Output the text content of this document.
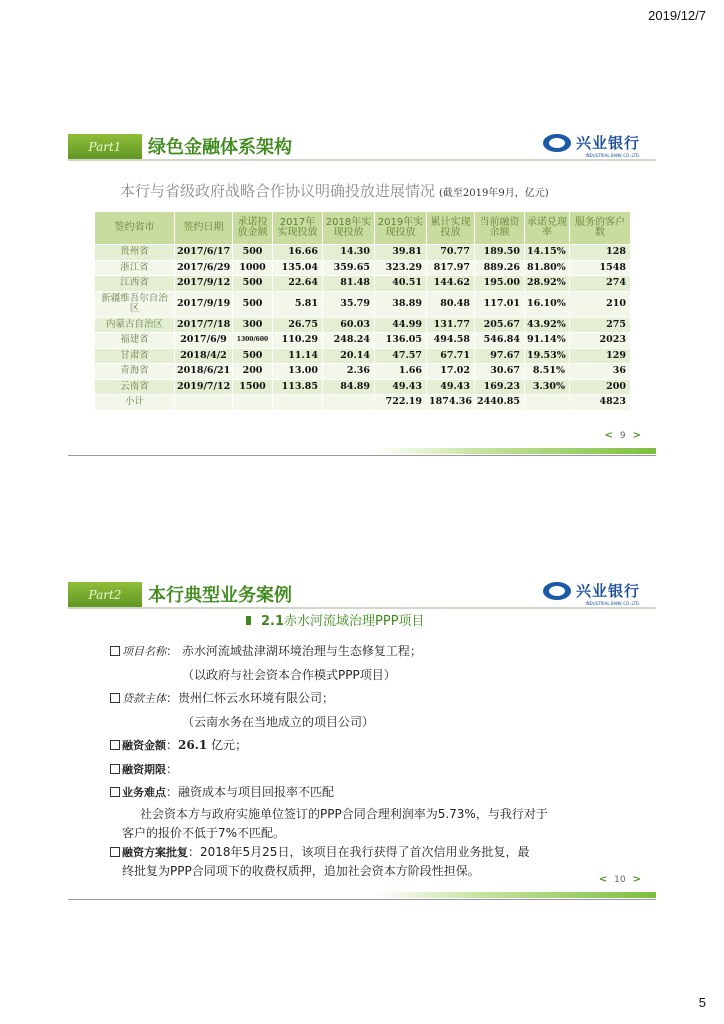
2019/12/7
Part1	绿色金融体系架构	兴业银行
INDUSTRIAL BANK CO.,LTD.
本行与省级政府战略合作协议明确投放进展情况 (截至2019年9月，亿元)
签约省市	签约日期	承诺投放金额	2017年实现投放	2018年实现投放	2019年实现投放	累计实现投放	当前融资余额	承诺兑现率	服务的客户数
贵州省	2017/6/17	500	16.66	14.30	39.81	70.77	189.50	14.15%	128
浙江省	2017/6/29	1000	135.04	359.65	323.29	817.97	889.26	81.80%	1548
江西省	2017/9/12	500	22.64	81.48	40.51	144.62	195.00	28.92%	274
新疆维吾尔自治区	2017/9/19	500	5.81	35.79	38.89	80.48	117.01	16.10%	210
内蒙古自治区	2017/7/18	300	26.75	60.03	44.99	131.77	205.67	43.92%	275
福建省	2017/6/9	1300/600	110.29	248.24	136.05	494.58	546.84	91.14%	2023
甘肃省	2018/4/2	500	11.14	20.14	47.57	67.71	97.67	19.53%	129
青海省	2018/6/21	200	13.00	2.36	1.66	17.02	30.67	8.51%	36
云南省	2019/7/12	1500	113.85	84.89	49.43	49.43	169.23	3.30%	200
小计					722.19	1874.36	2440.85		4823
< 9 >
Part2	本行典型业务案例	兴业银行
INDUSTRIAL BANK CO.,LTD.
2.1赤水河流域治理PPP项目
项目名称： 赤水河流域盐津湖环境治理与生态修复工程；
（以政府与社会资本合作模式PPP项目）
贷款主体：贵州仁怀云水环境有限公司；
（云南水务在当地成立的项目公司）
融资金额：26.1 亿元；
融资期限：
业务难点：融资成本与项目回报率不匹配
社会资本方与政府实施单位签订的PPP合同合理利润率为5.73%，与我行对于
客户的报价不低于7%不匹配。
融资方案批复：2018年5月25日，该项目在我行获得了首次信用业务批复，最
终批复为PPP合同项下的收费权质押，追加社会资本方阶段性担保。
< 10 >
5
